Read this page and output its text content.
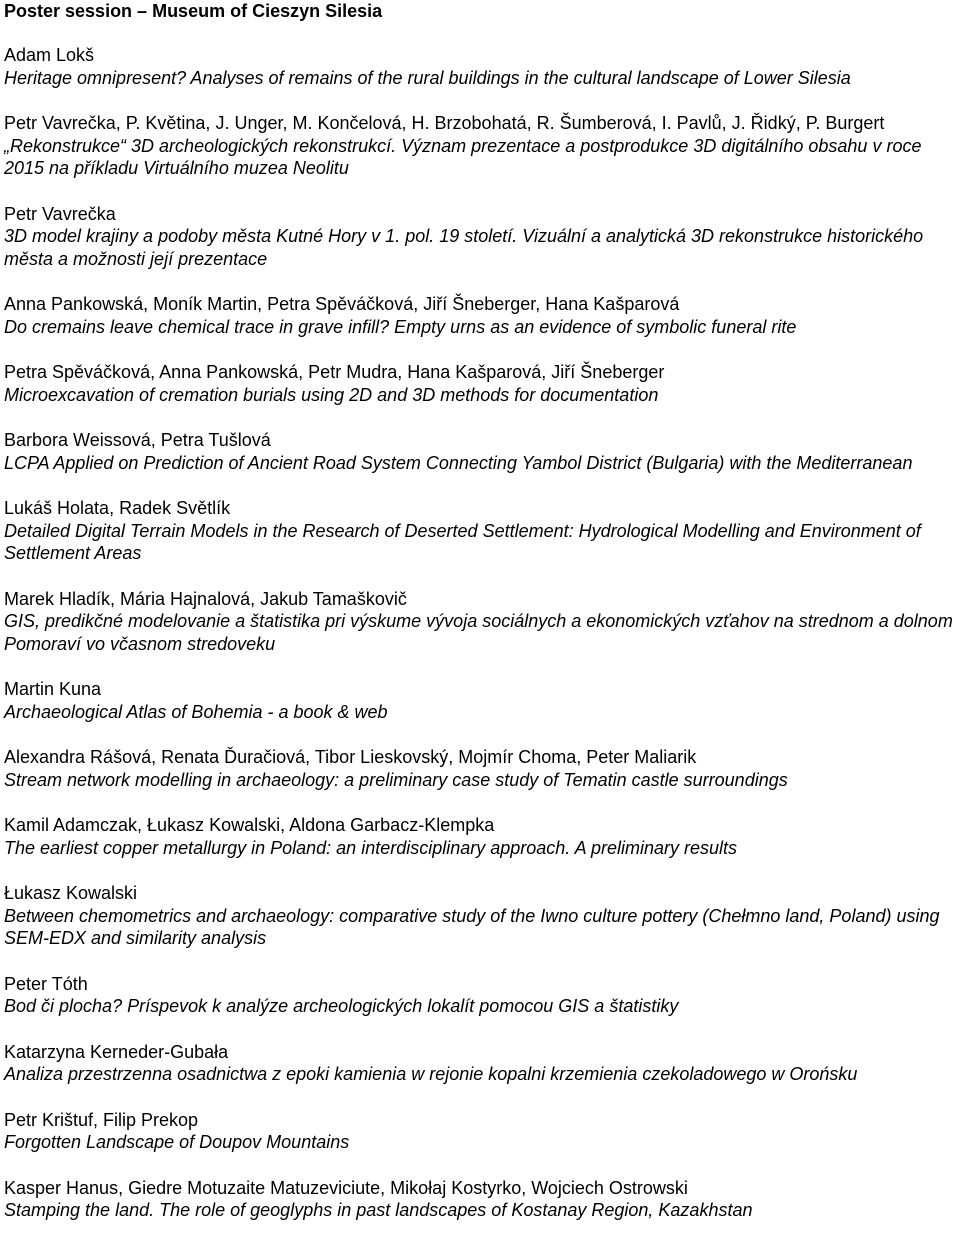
Poster session – Museum of Cieszyn Silesia
Adam Lokš
Heritage omnipresent? Analyses of remains of the rural buildings in the cultural landscape of Lower Silesia
Petr Vavrečka, P. Květina, J. Unger, M. Končelová, H. Brzobohatá, R. Šumberová, I. Pavlů, J. Řidký, P. Burgert
„Rekonstrukce“ 3D archeologických rekonstrukcí. Význam prezentace a postprodukce 3D digitálního obsahu v roce 2015 na příkladu Virtuálního muzea Neolitu
Petr Vavrečka
3D model krajiny a podoby města Kutné Hory v 1. pol. 19 století. Vizuální a analytická 3D rekonstrukce historického města a možnosti její prezentace
Anna Pankowská, Moník Martin, Petra Spěváčková, Jiří Šneberger, Hana Kašparová
Do cremains leave chemical trace in grave infill? Empty urns as an evidence of symbolic funeral rite
Petra Spěváčková, Anna Pankowská, Petr Mudra, Hana Kašparová, Jiří Šneberger
Microexcavation of cremation burials using 2D and 3D methods for documentation
Barbora Weissová, Petra Tušlová
LCPA Applied on Prediction of Ancient Road System Connecting Yambol District (Bulgaria) with the Mediterranean
Lukáš Holata, Radek Světlík
Detailed Digital Terrain Models in the Research of Deserted Settlement: Hydrological Modelling and Environment of Settlement Areas
Marek Hladík, Mária Hajnalová, Jakub Tamaškovič
GIS, predikčné modelovanie a štatistika pri výskume vývoja sociálnych a ekonomických vzťahov na strednom a dolnom Pomoraví vo včasnom stredoveku
Martin Kuna
Archaeological Atlas of Bohemia - a book & web
Alexandra Rášová, Renata Ďuračiová, Tibor Lieskovský, Mojmír Choma, Peter Maliarik
Stream network modelling in archaeology: a preliminary case study of Tematin castle surroundings
Kamil Adamczak, Łukasz Kowalski, Aldona Garbacz-Klempka
The earliest copper metallurgy in Poland: an interdisciplinary approach. A preliminary results
Łukasz Kowalski
Between chemometrics and archaeology: comparative study of the Iwno culture pottery (Chełmno land, Poland) using SEM-EDX and similarity analysis
Peter Tóth
Bod či plocha? Príspevok k analýze archeologických lokalít pomocou GIS a štatistiky
Katarzyna Kerneder-Gubała
Analiza przestrzenna osadnictwa z epoki kamienia w rejonie kopalni krzemienia czekoladowego w Orońsku
Petr Krištuf, Filip Prekop
Forgotten Landscape of Doupov Mountains
Kasper Hanus, Giedre Motuzaite Matuzeviciute, Mikołaj Kostyrko, Wojciech Ostrowski
Stamping the land. The role of geoglyphs in past landscapes of Kostanay Region, Kazakhstan
